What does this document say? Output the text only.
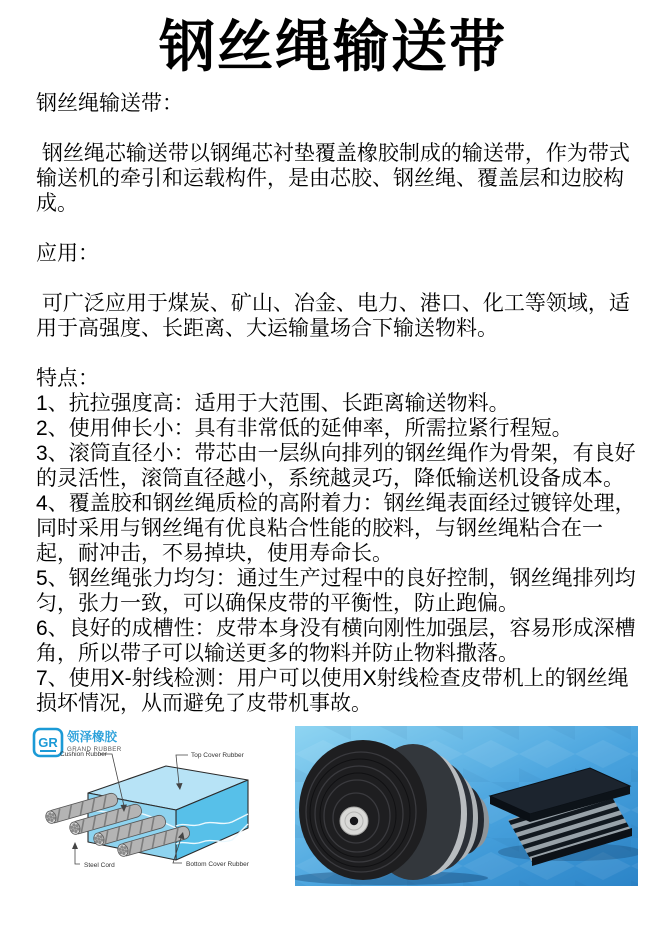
钢丝绳输送带

钢丝绳输送带：

钢丝绳芯输送带以钢绳芯衬垫覆盖橡胶制成的输送带，作为带式输送机的牵引和运载构件，是由芯胶、钢丝绳、覆盖层和边胶构成。

应用：

可广泛应用于煤炭、矿山、冶金、电力、港口、化工等领域，适用于高强度、长距离、大运输量场合下输送物料。

特点：

1、抗拉强度高：适用于大范围、长距离输送物料。

2、使用伸长小：具有非常低的延伸率，所需拉紧行程短。

3、滚筒直径小：带芯由一层纵向排列的钢丝绳作为骨架，有良好的灵活性，滚筒直径越小，系统越灵巧，降低输送机设备成本。

4、覆盖胶和钢丝绳质检的高附着力：钢丝绳表面经过镀锌处理，同时采用与钢丝绳有优良粘合性能的胶料，与钢丝绳粘合在一起，耐冲击，不易掉块，使用寿命长。

5、钢丝绳张力均匀：通过生产过程中的良好控制，钢丝绳排列均匀，张力一致，可以确保皮带的平衡性，防止跑偏。

6、良好的成槽性：皮带本身没有横向刚性加强层，容易形成深槽角，所以带子可以输送更多的物料并防止物料撒落。

7、使用X-射线检测：用户可以使用X射线检查皮带机上的钢丝绳损坏情况，从而避免了皮带机事故。

GR 领泽橡胶
GRAND RUBBER
Cushion Rubber	Top Cover Rubber
Steel Cord	Bottom Cover Rubber
